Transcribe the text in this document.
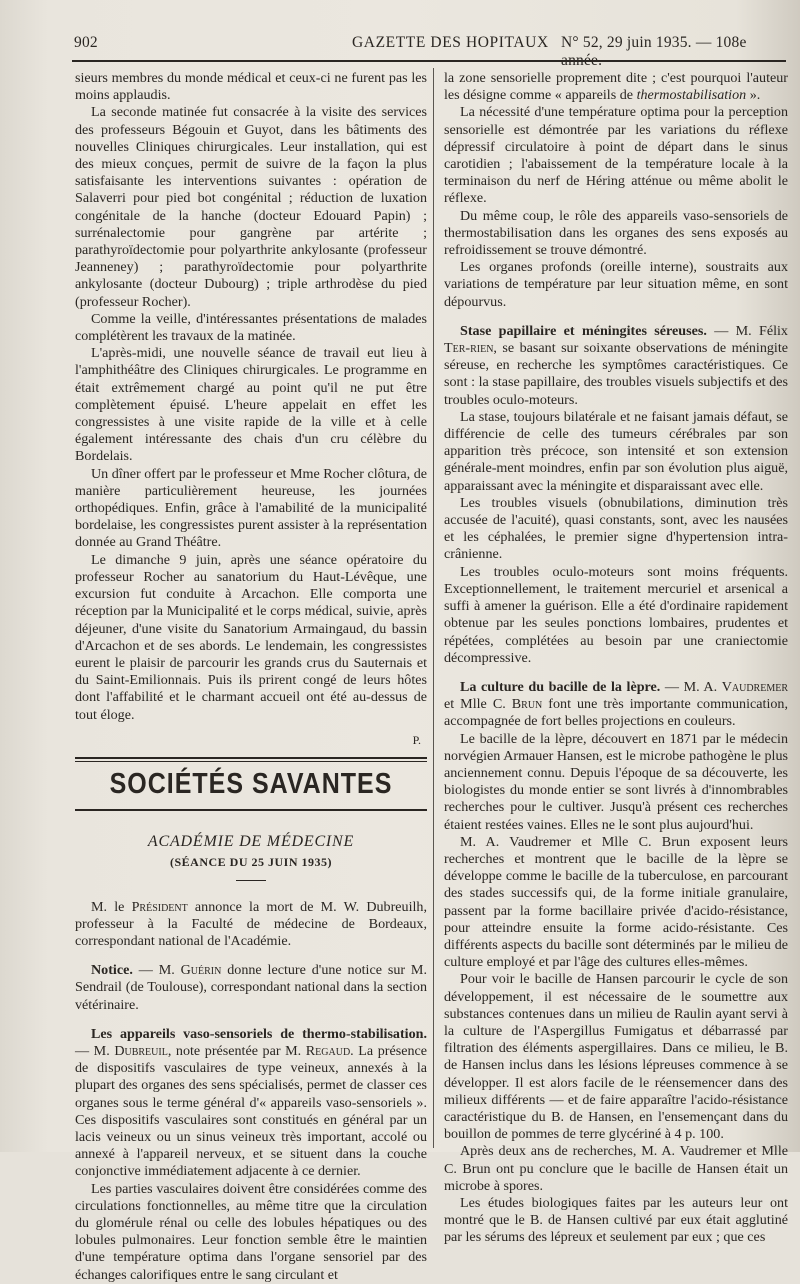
902	GAZETTE DES HOPITAUX N° 52, 29 juin 1935. — 108e année.

sieurs membres du monde médical et ceux-ci ne furent pas les moins applaudis.

La seconde matinée fut consacrée à la visite des services des professeurs Bégouin et Guyot, dans les bâtiments des nouvelles Cliniques chirurgicales. Leur installation, qui est des mieux conçues, permit de suivre de la façon la plus satisfaisante les interventions suivantes : opération de Salaverri pour pied bot congénital ; réduction de luxation congénitale de la hanche (docteur Edouard Papin) ; surrénalectomie pour gangrène par artérite ; parathyroïdectomie pour polyarthrite ankylosante (professeur Jeanneney) ; parathyroïdectomie pour polyarthrite ankylosante (docteur Dubourg) ; triple arthrodèse du pied (professeur Rocher).

Comme la veille, d'intéressantes présentations de malades complétèrent les travaux de la matinée.

L'après-midi, une nouvelle séance de travail eut lieu à l'amphithéâtre des Cliniques chirurgicales. Le programme en était extrêmement chargé au point qu'il ne put être complètement épuisé. L'heure appelait en effet les congressistes à une visite rapide de la ville et à celle également intéressante des chais d'un cru célèbre du Bordelais.

Un dîner offert par le professeur et Mme Rocher clôtura, de manière particulièrement heureuse, les journées orthopédiques. Enfin, grâce à l'amabilité de la municipalité bordelaise, les congressistes purent assister à la représentation donnée au Grand Théâtre.

Le dimanche 9 juin, après une séance opératoire du professeur Rocher au sanatorium du Haut-Lévêque, une excursion fut conduite à Arcachon. Elle comporta une réception par la Municipalité et le corps médical, suivie, après déjeuner, d'une visite du Sanatorium Armaingaud, du bassin d'Arcachon et de ses abords. Le lendemain, les congressistes eurent le plaisir de parcourir les grands crus du Sauternais et du Saint-Emilionnais. Puis ils prirent congé de leurs hôtes dont l'affabilité et le charmant accueil ont été au-dessus de tout éloge.

P.
SOCIÉTÉS SAVANTES
ACADÉMIE DE MÉDECINE
(SÉANCE DU 25 JUIN 1935)

M. le Président annonce la mort de M. W. Dubreuilh, professeur à la Faculté de médecine de Bordeaux, correspondant national de l'Académie.

Notice. — M. Guérin donne lecture d'une notice sur M. Sendrail (de Toulouse), correspondant national dans la section vétérinaire.

Les appareils vaso-sensoriels de thermo-stabilisation. — M. Dubreuil, note présentée par M. Regaud. La présence de dispositifs vasculaires de type veineux, annexés à la plupart des organes des sens spécialisés, permet de classer ces organes sous le terme général d'« appareils vaso-sensoriels ». Ces dispositifs vasculaires sont constitués en général par un lacis veineux ou un sinus veineux très important, accolé ou annexé à l'appareil nerveux, et se situent dans la couche conjonctive immédiatement adjacente à ce dernier.

Les parties vasculaires doivent être considérées comme des circulations fonctionnelles, au même titre que la circulation du glomérule rénal ou celle des lobules hépatiques ou des lobules pulmonaires. Leur fonction semble être le maintien d'une température optima dans l'organe sensoriel par des échanges calorifiques entre le sang circulant et

la zone sensorielle proprement dite ; c'est pourquoi l'auteur les désigne comme « appareils de thermostabilisation ».

La nécessité d'une température optima pour la perception sensorielle est démontrée par les variations du réflexe dépressif circulatoire à point de départ dans le sinus carotidien ; l'abaissement de la température locale à la terminaison du nerf de Héring atténue ou même abolit le réflexe.

Du même coup, le rôle des appareils vaso-sensoriels de thermostabilisation dans les organes des sens exposés au refroidissement se trouve démontré.

Les organes profonds (oreille interne), soustraits aux variations de température par leur situation même, en sont dépourvus.

Stase papillaire et méningites séreuses. — M. Félix Ter-rien, se basant sur soixante observations de méningite séreuse, en recherche les symptômes caractéristiques. Ce sont : la stase papillaire, des troubles visuels subjectifs et des troubles oculo-moteurs.

La stase, toujours bilatérale et ne faisant jamais défaut, se différencie de celle des tumeurs cérébrales par son apparition très précoce, son intensité et son extension générale-ment moindres, enfin par son évolution plus aiguë, apparaissant avec la méningite et disparaissant avec elle.

Les troubles visuels (obnubilations, diminution très accusée de l'acuité), quasi constants, sont, avec les nausées et les céphalées, le premier signe d'hypertension intra-crânienne.

Les troubles oculo-moteurs sont moins fréquents. Exceptionnellement, le traitement mercuriel et arsenical a suffi à amener la guérison. Elle a été d'ordinaire rapidement obtenue par les seules ponctions lombaires, prudentes et répétées, complétées au besoin par une craniectomie décompressive.

La culture du bacille de la lèpre. — M. A. Vaudremer et Mlle C. Brun font une très importante communication, accompagnée de fort belles projections en couleurs.

Le bacille de la lèpre, découvert en 1871 par le médecin norvégien Armauer Hansen, est le microbe pathogène le plus anciennement connu. Depuis l'époque de sa découverte, les biologistes du monde entier se sont livrés à d'innombrables recherches pour le cultiver. Jusqu'à présent ces recherches étaient restées vaines. Elles ne le sont plus aujourd'hui.

M. A. Vaudremer et Mlle C. Brun exposent leurs recherches et montrent que le bacille de la lèpre se développe comme le bacille de la tuberculose, en parcourant des stades successifs qui, de la forme initiale granulaire, passent par la forme bacillaire privée d'acido-résistance, pour atteindre ensuite la forme acido-résistante. Ces différents aspects du bacille sont déterminés par le milieu de culture employé et par l'âge des cultures elles-mêmes.

Pour voir le bacille de Hansen parcourir le cycle de son développement, il est nécessaire de le soumettre aux substances contenues dans un milieu de Raulin ayant servi à la culture de l'Aspergillus Fumigatus et débarrassé par filtration des éléments aspergillaires. Dans ce milieu, le B. de Hansen inclus dans les lésions lépreuses commence à se développer. Il est alors facile de le réensemencer dans des milieux différents — et de faire apparaître l'acido-résistance caractéristique du B. de Hansen, en l'ensemençant dans du bouillon de pommes de terre glycériné à 4 p. 100.

Après deux ans de recherches, M. A. Vaudremer et Mlle C. Brun ont pu conclure que le bacille de Hansen était un microbe à spores.

Les études biologiques faites par les auteurs leur ont montré que le B. de Hansen cultivé par eux était agglutiné par les sérums des lépreux et seulement par eux ; que ces
